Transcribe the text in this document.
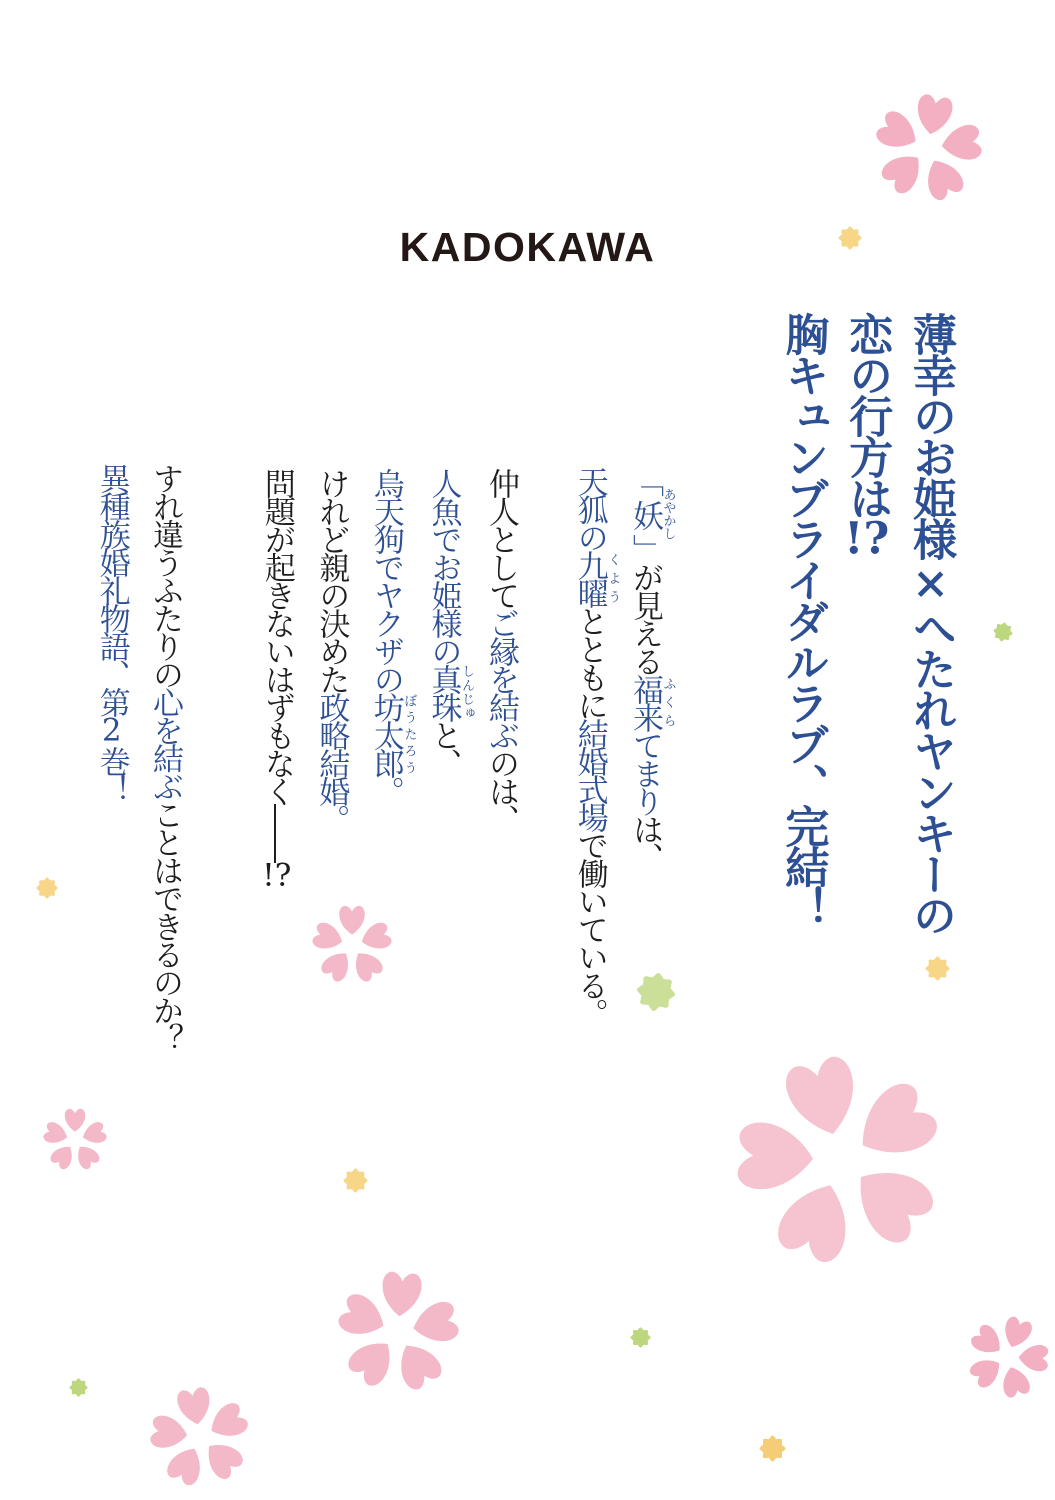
KADOKAWA
薄幸のお姫様×へたれヤンキーの
恋の行方は!?
胸キュンブライダルラブ、完結！
「妖あやかし」が見える福来ふくらてまりは、
天狐の九曜くようとともに結婚式場で働いている。
仲人としてご縁を結ぶのは、
人魚でお姫様の真珠しんじゅと、
烏天狗でヤクザの坊太郎ぼうたろう。
けれど親の決めた政略結婚。
問題が起きないはずもなく――!?
すれ違うふたりの心を結ぶことはできるのか？
異種族婚礼物語、第2巻！
